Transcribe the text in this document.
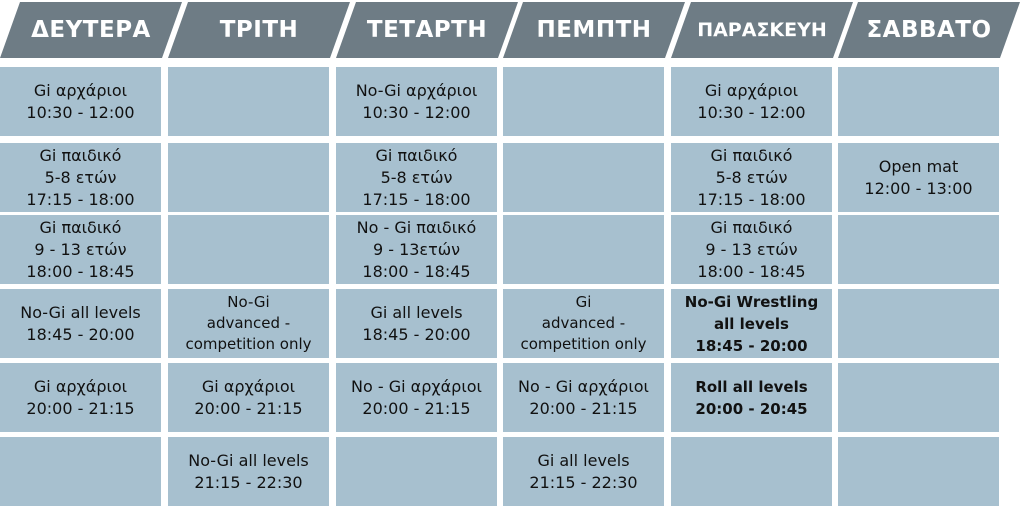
ΔΕΥΤΕΡΑ	ΤΡΙΤΗ	ΤΕΤΑΡΤΗ ΠΕΜΠΤΗ ΠΑΡΑΣΚΕΥΗ ΣΑΒΒΑΤΟ
Gi αρχάριοι
10:30 - 12:00
Gi παιδικό
5-8 ετών
17:15 - 18:00
Gi παιδικό
9 - 13 ετών
18:00 - 18:45
No-Gi all levels
18:45 - 20:00
Gi αρχάριοι
20:00 - 21:15
No-Gi
advanced -
competition only
Gi αρχάριοι
20:00 - 21:15
No-Gi all levels
21:15 - 22:30
No-Gi αρχάριοι
10:30 - 12:00
Gi παιδικό
5-8 ετών
17:15 - 18:00
No - Gi παιδικό
9 - 13ετών
18:00 - 18:45
Gi all levels
18:45 - 20:00
No - Gi αρχάριοι
20:00 - 21:15
Gi
advanced -
competition only
No - Gi αρχάριοι
20:00 - 21:15
Gi all levels
21:15 - 22:30
Gi αρχάριοι
10:30 - 12:00
Gi παιδικό
5-8 ετών
17:15 - 18:00
Gi παιδικό
9 - 13 ετών
18:00 - 18:45
No-Gi Wrestling
all levels
18:45 - 20:00
Roll all levels
20:00 - 20:45
Open mat
12:00 - 13:00
